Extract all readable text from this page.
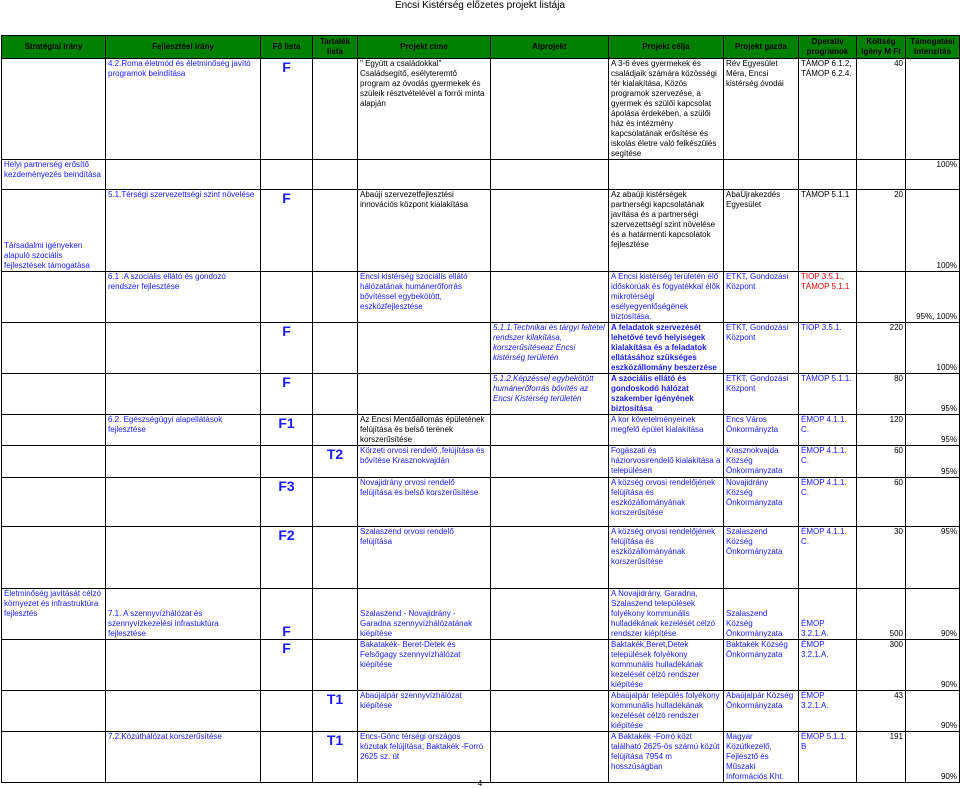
Encsi Kistérség előzetes projekt listája
Stratégiai irány	Fejlesztési irány	Fő lista	Tartalék lista	Projekt címe	Alprojekt	Projekt célja	Projekt gazda	Operatív programok	Költség igény M Ft	Támogatási intenzitás
	4.2.Roma életmód és életminőség javító programok beindítása	F		" Együtt a családokkal" Családsegítő, esélyteremtő program az óvodás gyermekek és szüleik résztvételével a forrói minta alapján		A 3-6 éves gyermekek és családjaik számára közösségi tér kialakítása, Közös programok szervezése, a gyermek és szülői kapcsolat ápolása érdekében, a szülői ház és intézmény kapcsolatának erősítése és iskolás életre való felkészülés segítése	Rév Egyesület Méra, Encsi kistérség óvodái	TÁMOP 6.1.2, TÁMOP 6.2.4.	40	
Helyi partnerség erősítő kezdeményezés beindítása										100%
Társadalmi igényeken alapuló szociális fejlesztések támogatása	5.1.Térségi szervezettségi szint növelése	F		Abaúji szervezetfejlesztési innovációs központ kialakítása		Az abaúji kistérségek partnerségi kapcsolatának javítása és a partnerségi szervezettségi szint növelése és a határmenti kapcsolatok fejlesztése	AbaÚjrakezdés Egyesület	TÁMOP 5.1.1	20	100%
	6.1 .A szociális ellátó és gondozó rendszer fejlesztése			Encsi kistérség szociális ellátó hálózatának humánerőforrás bővítéssel egybekötött, eszközfejlesztése		A Encsi kistérség területén élő időskorúak és fogyatékkal élők mikrotérségi esélyegyenlőségének biztosítása.	ETKT, Gondozási Központ	TIOP 3.5.1., TÁMOP 5.1.1		95%, 100%
		F			5.1.1.Technikai és tárgyi feltétel rendszer kilakítása, korszerűsítéseaz Encsi kistérség területén	A feladatok szervezését lehetővé tevő helyiségek kialakítása és a feladatok ellátásához szükséges eszközállomány beszerzése	ETKT, Gondozási Központ	TIOP 3.5.1.	220	100%
		F			5.1.2.Képzéssel egybekötött humánerőforrás bővítés az Encsi Kistérség területén	A szociális ellátó és gondoskodó hálózat szakember igényének biztosítása	ETKT, Gondozási Központ	TÁMOP 5.1.1.	80	95%
	6.2. Egészségügyi alapellátások fejlesztése	F1		Az Encsi Mentőállomás épületének felújítása és belső terének korszerűsítése		A kor követelményeinek megfelő épület kialakítása	Encs Város Önkormányzta	ÉMOP 4.1.1. C.	120	95%
			T2	Körzeti orvosi rendelő ,felújítása és bővítése Krasznokvajdán		Fogászati és háziorvosirendelő kialakítása a településen	Krasznokvajda Község Önkormányzata	ÉMOP 4.1.1. C.	60	95%
		F3		Novajidrány orvosi rendelő felújítása és belső korszerűsítése		A község orvosi rendelőjének felújítása és eszközállományának korszerűsítése	Novajidrány Község Önkormányzata	ÉMOP 4.1.1. C.	60	
		F2		Szalaszend orvosi rendelő felújítása		A község orvosi rendelőjének felújítása és eszközállományának korszerűsítése	Szalaszend Község Önkormányzata	ÉMOP 4.1.1. C.	30	95%
Életminőség javítását célzó környezet és infrastruktúra fejlesztés	7.1. A szennyvízhálózat és szennyvízkezelési infrastuktúra fejlesztése	F		Szalaszend - Novajidrány - Garadna szennyvízhálózatának kiépítése		A Novajidrány, Garadna, Szalaszend települések folyékony kommunális hulladékának kezelését célzó rendszer kiépítése	Szalaszend Község Önkormányzata	ÉMOP 3.2.1.A.	500	90%
		F		Bakatakék- Beret-Detek és Felsőgagy szennyvízhálózat kiépítése		Baktakék,Beret,Detek települések folyékony kommunális hulladékának kezelését célzó rendszer kiépítése	Baktakék Község Önkormányzata	ÉMOP 3.2.1.A.	300	90%
			T1	Abaújalpár szennyvízhálózat kiépítése		Abaújalpár település folyékony kommunális hulladékának kezelését célzó rendszer kiépítése	Abaújalpár Község Önkormányzata	ÉMOP 3.2.1.A.	43	90%
	7.2.Közúthálózat korszerűsítése		T1	Encs-Gönc térségi országos közutak felújítása; Baktakék -Forró 2625 sz. út		A Baktakék -Forró közt található 2625-ös számú közút felújítása 7954 m hosszúságban	Magyar Közútkezelő, Fejlesztő és Műszaki Információs Kht.	ÉMOP 5.1.1. B	191	90%
4
